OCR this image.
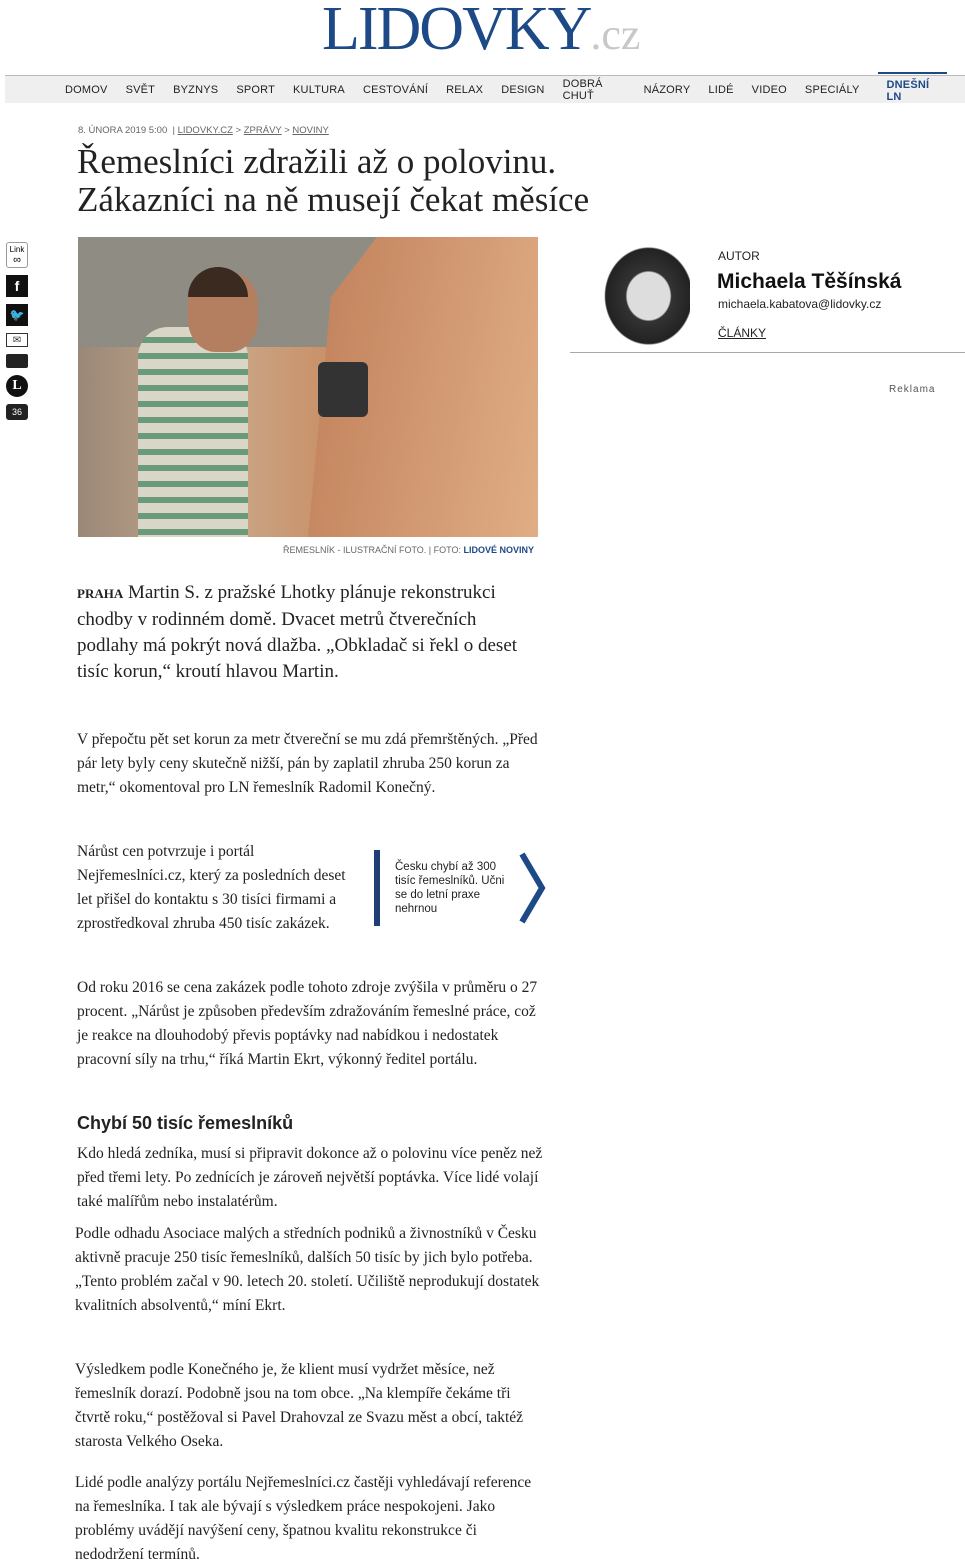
LIDOVKY.cz
DOMOV SVĚT BYZNYS SPORT KULTURA CESTOVÁNÍ RELAX DESIGN DOBRÁ CHUŤ	NÁZORY LIDÉ VIDEO SPECIÁLY	DNEŠNÍ LN
8. ÚNORA 2019 5:00  | LIDOVKY.CZ > ZPRÁVY > NOVINY
Řemeslníci zdražili až o polovinu.
Zákazníci na ně musejí čekat měsíce
Link
∞
f
🐦
✉
L
36
ŘEMESLNÍK - ILUSTRAČNÍ FOTO. | FOTO: LIDOVÉ NOVINY
AUTOR
Michaela Těšínská
michaela.kabatova@lidovky.cz
ČLÁNKY
Reklama
PRAHA Martin S. z pražské Lhotky plánuje rekonstrukci chodby v rodinném domě. Dvacet metrů čtverečních podlahy má pokrýt nová dlažba. „Obkladač si řekl o deset tisíc korun,“ kroutí hlavou Martin.

V přepočtu pět set korun za metr čtvereční se mu zdá přemrštěných. „Před pár lety byly ceny skutečně nižší, pán by zaplatil zhruba 250 korun za metr,“ okomentoval pro LN řemeslník Radomil Konečný.

Nárůst cen potvrzuje i portál Nejřemeslníci.cz, který za posledních deset let přišel do kontaktu s 30 tisíci firmami a zprostředkoval zhruba 450 tisíc zakázek.

Česku chybí až 300 tisíc řemeslníků. Učni se do letní praxe nehrnou

Od roku 2016 se cena zakázek podle tohoto zdroje zvýšila v průměru o 27 procent. „Nárůst je způsoben především zdražováním řemeslné práce, což je reakce na dlouhodobý převis poptávky nad nabídkou i nedostatek pracovní síly na trhu,“ říká Martin Ekrt, výkonný ředitel portálu.

Chybí 50 tisíc řemeslníků

Kdo hledá zedníka, musí si připravit dokonce až o polovinu více peněz než před třemi lety. Po zednících je zároveň největší poptávka. Více lidé volají také malířům nebo instalatérům.

Podle odhadu Asociace malých a středních podniků a živnostníků v Česku aktivně pracuje 250 tisíc řemeslníků, dalších 50 tisíc by jich bylo potřeba. „Tento problém začal v 90. letech 20. století. Učiliště neprodukují dostatek kvalitních absolventů,“ míní Ekrt.

Výsledkem podle Konečného je, že klient musí vydržet měsíce, než řemeslník dorazí. Podobně jsou na tom obce. „Na klempíře čekáme tři čtvrtě roku,“ postěžoval si Pavel Drahovzal ze Svazu měst a obcí, taktéž starosta Velkého Oseka.

Lidé podle analýzy portálu Nejřemeslníci.cz častěji vyhledávají reference na řemeslníka. I tak ale bývají s výsledkem práce nespokojeni. Jako problémy uvádějí navýšení ceny, špatnou kvalitu rekonstrukce či nedodržení termínů.
